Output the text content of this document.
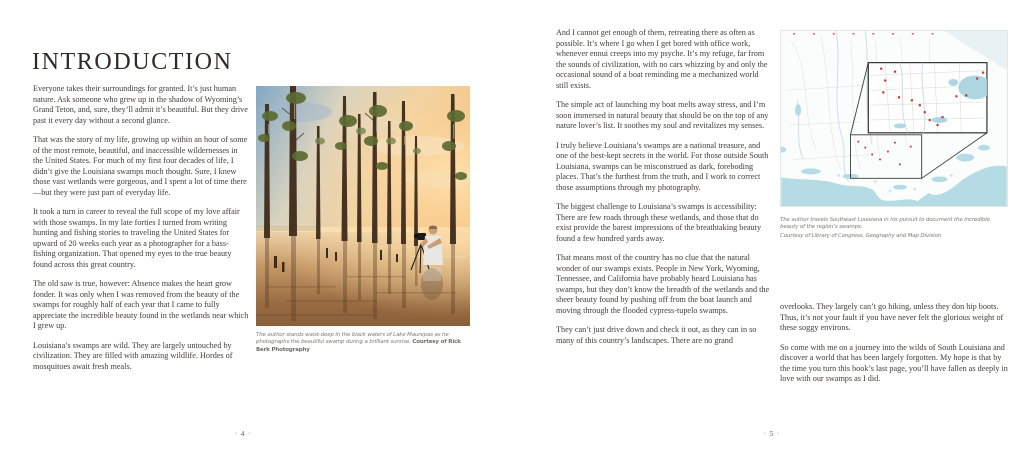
INTRODUCTION

Everyone takes their surroundings for granted. It’s just human nature. Ask someone who grew up in the shadow of Wyoming’s Grand Teton, and, sure, they’ll admit it’s beautiful. But they drive past it every day without a second glance.

That was the story of my life, growing up within an hour of some of the most remote, beautiful, and inaccessible wildernesses in the United States. For much of my first four decades of life, I didn’t give the Louisiana swamps much thought. Sure, I knew those vast wetlands were gorgeous, and I spent a lot of time there—but they were just part of everyday life.

It took a turn in career to reveal the full scope of my love affair with those swamps. In my late forties I turned from writing hunting and fishing stories to traveling the United States for upward of 20 weeks each year as a photographer for a bass-fishing organization. That opened my eyes to the true beauty found across this great country.

The old saw is true, however: Absence makes the heart grow fonder. It was only when I was removed from the beauty of the swamps for roughly half of each year that I came to fully appreciate the incredible beauty found in the wetlands near which I grew up.

Louisiana’s swamps are wild. They are largely untouched by civilization. They are filled with amazing wildlife. Hordes of mosquitoes await fresh meals.

The author stands waist-deep in the black waters of Lake Maurepas as he photographs the beautiful swamp during a brilliant sunrise. Courtesy of Rick Berk Photography
◦ 4 ◦

And I cannot get enough of them, retreating there as often as possible. It’s where I go when I get bored with office work, whenever ennui creeps into my psyche. It’s my refuge, far from the sounds of civilization, with no cars whizzing by and only the occasional sound of a boat reminding me a mechanized world still exists.

The simple act of launching my boat melts away stress, and I’m soon immersed in natural beauty that should be on the top of any nature lover’s list. It soothes my soul and revitalizes my senses.

I truly believe Louisiana’s swamps are a national treasure, and one of the best-kept secrets in the world. For those outside South Louisiana, swamps can be misconstrued as dark, foreboding places. That’s the furthest from the truth, and I work to correct those assumptions through my photography.

The biggest challenge to Louisiana’s swamps is accessibility: There are few roads through these wetlands, and those that do exist provide the barest impressions of the breathtaking beauty found a few hundred yards away.

That means most of the country has no clue that the natural wonder of our swamps exists. People in New York, Wyoming, Tennessee, and California have probably heard Louisiana has swamps, but they don’t know the breadth of the wetlands and the sheer beauty found by pushing off from the boat launch and moving through the flooded cypress-tupelo swamps.

They can’t just drive down and check it out, as they can in so many of this country’s landscapes. There are no grand

The author travels Southeast Louisiana in his pursuit to document the incredible beauty of the region’s swamps.
Courtesy of Library of Congress, Geography and Map Division

overlooks. They largely can’t go hiking, unless they don hip boots. Thus, it’s not your fault if you have never felt the glorious weight of these soggy environs.

So come with me on a journey into the wilds of South Louisiana and discover a world that has been largely forgotten. My hope is that by the time you turn this book’s last page, you’ll have fallen as deeply in love with our swamps as I did.

◦ 5 ◦
